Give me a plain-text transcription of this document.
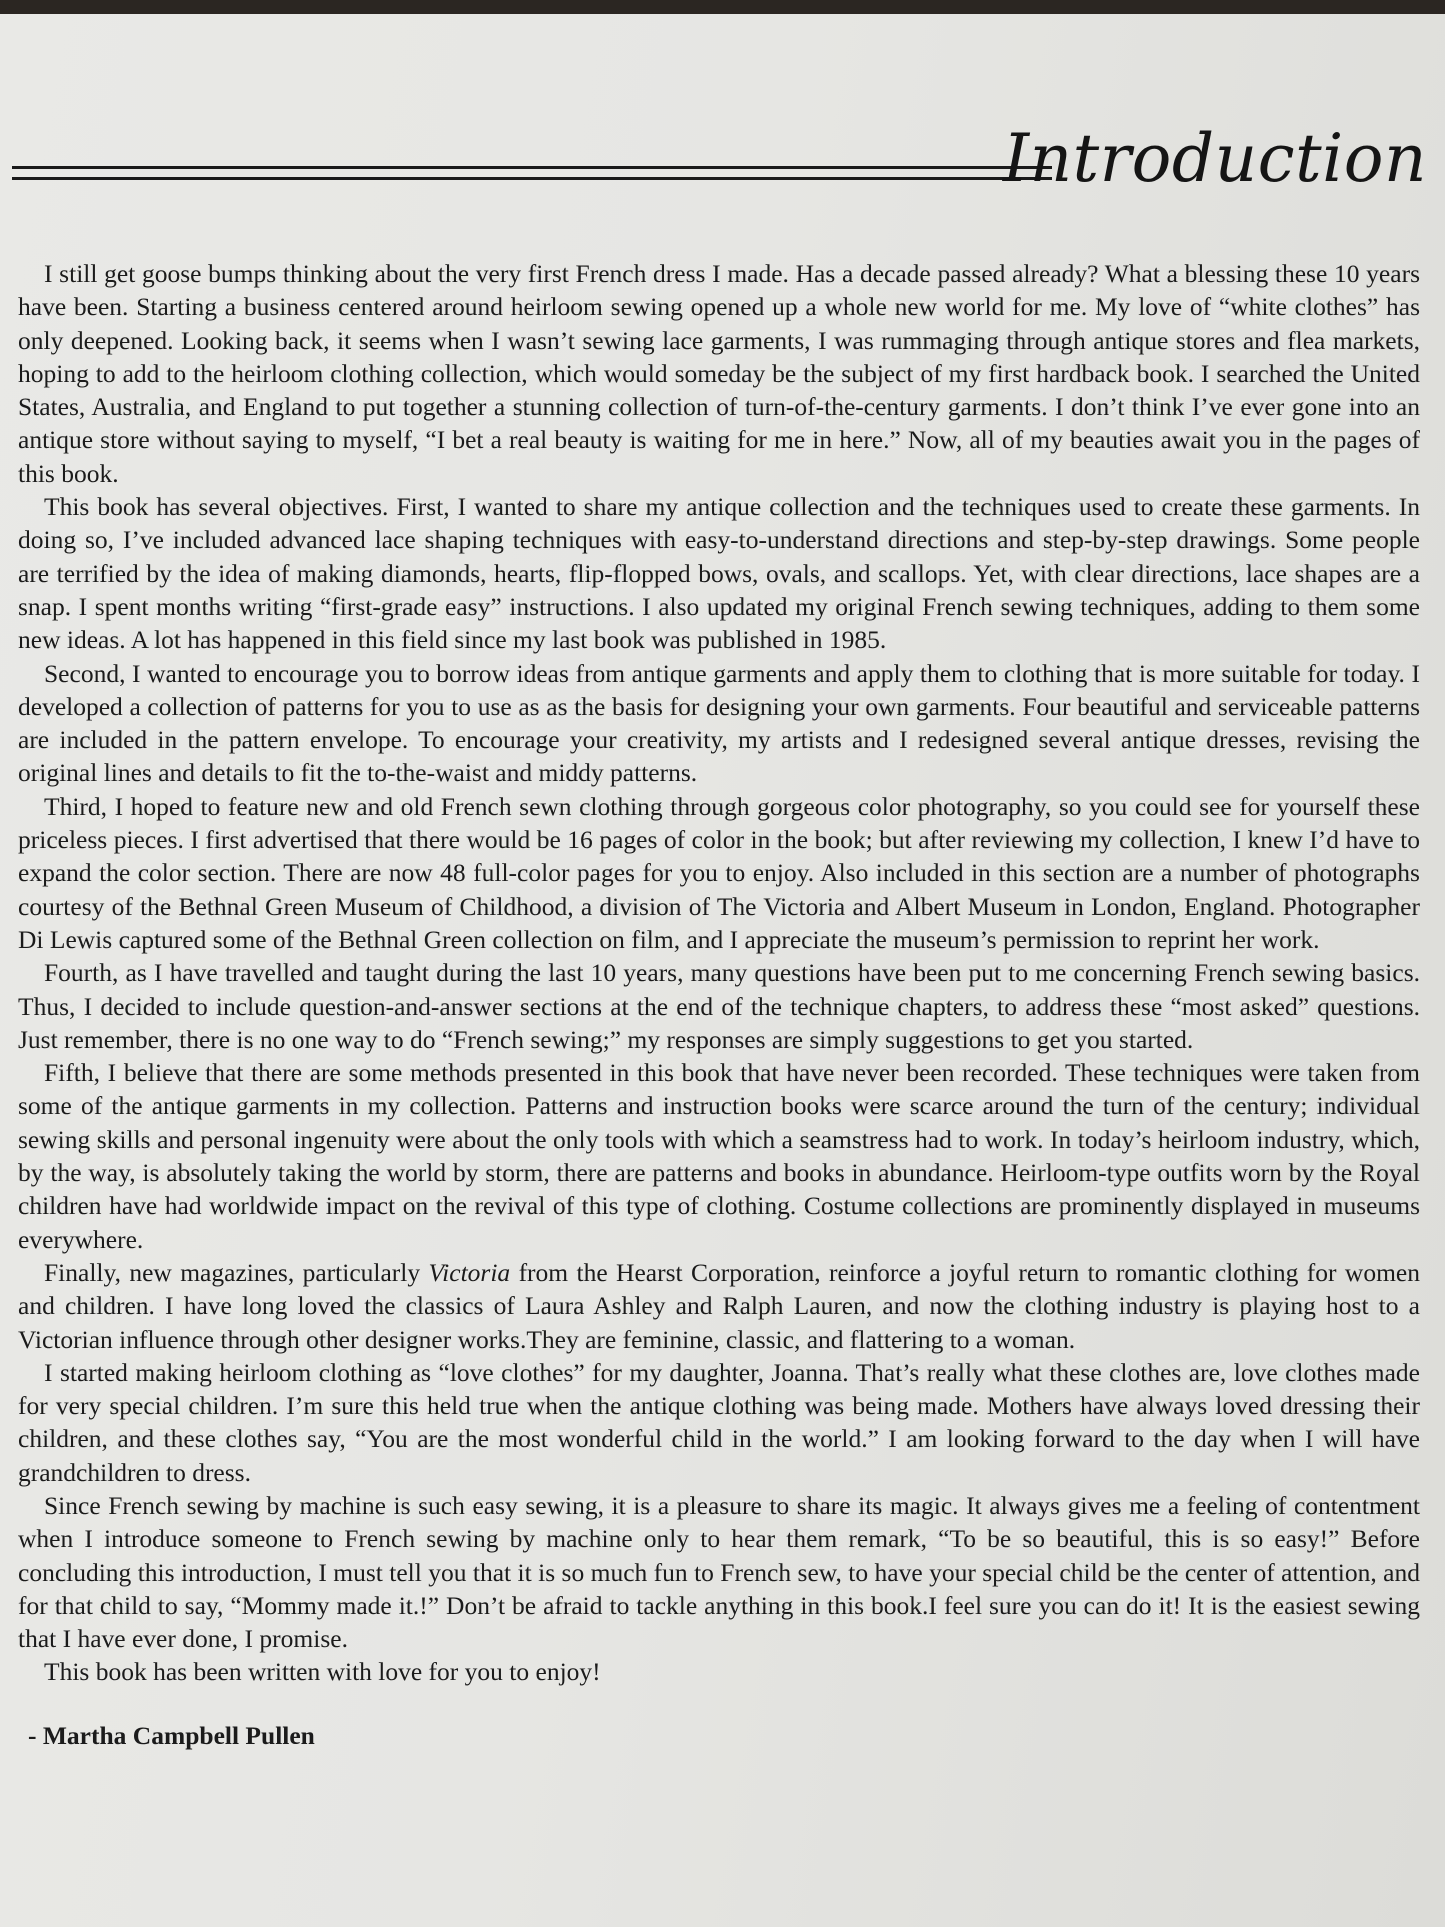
Introduction

I still get goose bumps thinking about the very first French dress I made. Has a decade passed already? What a blessing these 10 years have been. Starting a business centered around heirloom sewing opened up a whole new world for me. My love of “white clothes” has only deepened. Looking back, it seems when I wasn’t sewing lace garments, I was rummaging through antique stores and flea markets, hoping to add to the heirloom clothing collection, which would someday be the subject of my first hardback book. I searched the United States, Australia, and England to put together a stunning collection of turn-of-the-century garments. I don’t think I’ve ever gone into an antique store without saying to myself, “I bet a real beauty is waiting for me in here.” Now, all of my beauties await you in the pages of this book.

This book has several objectives. First, I wanted to share my antique collection and the techniques used to create these garments. In doing so, I’ve included advanced lace shaping techniques with easy-to-understand directions and step-by-step drawings. Some people are terrified by the idea of making diamonds, hearts, flip-flopped bows, ovals, and scallops. Yet, with clear directions, lace shapes are a snap. I spent months writing “first-grade easy” instructions. I also updated my original French sewing techniques, adding to them some new ideas. A lot has happened in this field since my last book was published in 1985.

Second, I wanted to encourage you to borrow ideas from antique garments and apply them to clothing that is more suitable for today. I developed a collection of patterns for you to use as as the basis for designing your own garments. Four beautiful and serviceable patterns are included in the pattern envelope. To encourage your creativity, my artists and I redesigned several antique dresses, revising the original lines and details to fit the to-the-waist and middy patterns.

Third, I hoped to feature new and old French sewn clothing through gorgeous color photography, so you could see for yourself these priceless pieces. I first advertised that there would be 16 pages of color in the book; but after reviewing my collection, I knew I’d have to expand the color section. There are now 48 full-color pages for you to enjoy. Also included in this section are a number of photographs courtesy of the Bethnal Green Museum of Childhood, a division of The Victoria and Albert Museum in London, England. Photographer Di Lewis captured some of the Bethnal Green collection on film, and I appreciate the museum’s permission to reprint her work.

Fourth, as I have travelled and taught during the last 10 years, many questions have been put to me concerning French sewing basics. Thus, I decided to include question-and-answer sections at the end of the technique chapters, to address these “most asked” questions. Just remember, there is no one way to do “French sewing;” my responses are simply suggestions to get you started.

Fifth, I believe that there are some methods presented in this book that have never been recorded. These techniques were taken from some of the antique garments in my collection. Patterns and instruction books were scarce around the turn of the century; individual sewing skills and personal ingenuity were about the only tools with which a seamstress had to work. In today’s heirloom industry, which, by the way, is absolutely taking the world by storm, there are patterns and books in abundance. Heirloom-type outfits worn by the Royal children have had worldwide impact on the revival of this type of clothing. Costume collections are prominently displayed in museums everywhere.

Finally, new magazines, particularly Victoria from the Hearst Corporation, reinforce a joyful return to romantic clothing for women and children. I have long loved the classics of Laura Ashley and Ralph Lauren, and now the clothing industry is playing host to a Victorian influence through other designer works.They are feminine, classic, and flattering to a woman.

I started making heirloom clothing as “love clothes” for my daughter, Joanna. That’s really what these clothes are, love clothes made for very special children. I’m sure this held true when the antique clothing was being made. Mothers have always loved dressing their children, and these clothes say, “You are the most wonderful child in the world.” I am looking forward to the day when I will have grandchildren to dress.

Since French sewing by machine is such easy sewing, it is a pleasure to share its magic. It always gives me a feeling of contentment when I introduce someone to French sewing by machine only to hear them remark, “To be so beautiful, this is so easy!” Before concluding this introduction, I must tell you that it is so much fun to French sew, to have your special child be the center of attention, and for that child to say, “Mommy made it.!” Don’t be afraid to tackle anything in this book.I feel sure you can do it! It is the easiest sewing that I have ever done, I promise.

This book has been written with love for you to enjoy!

- Martha Campbell Pullen
